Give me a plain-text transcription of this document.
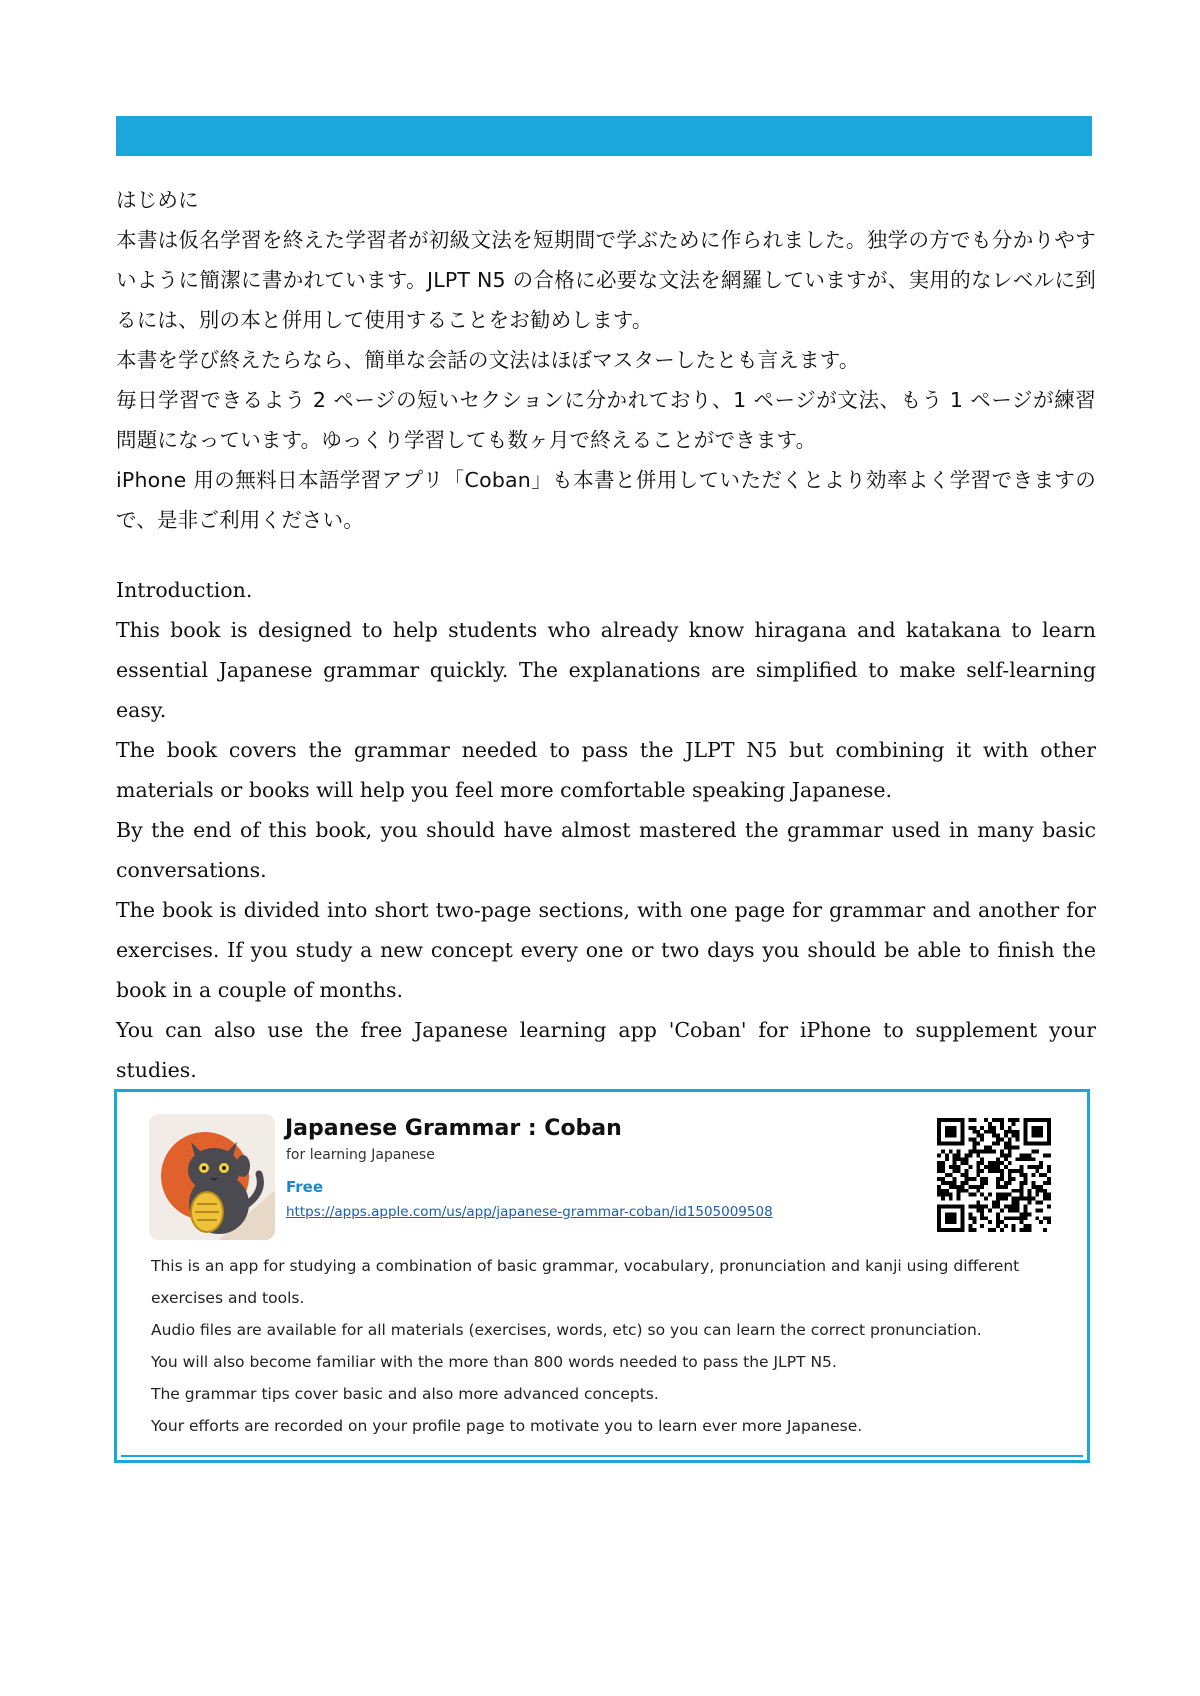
はじめに

本書は仮名学習を終えた学習者が初級文法を短期間で学ぶために作られました。独学の方でも分かりやすいように簡潔に書かれています。JLPT N5 の合格に必要な文法を網羅していますが、実用的なレベルに到るには、別の本と併用して使用することをお勧めします。

本書を学び終えたらなら、簡単な会話の文法はほぼマスターしたとも言えます。

毎日学習できるよう 2 ページの短いセクションに分かれており、1 ページが文法、もう 1 ページが練習問題になっています。ゆっくり学習しても数ヶ月で終えることができます。

iPhone 用の無料日本語学習アプリ「Coban」も本書と併用していただくとより効率よく学習できますので、是非ご利用ください。

Introduction.

This book is designed to help students who already know hiragana and katakana to learn essential Japanese grammar quickly. The explanations are simplified to make self-learning easy.

The book covers the grammar needed to pass the JLPT N5 but combining it with other materials or books will help you feel more comfortable speaking Japanese.

By the end of this book, you should have almost mastered the grammar used in many basic conversations.

The book is divided into short two-page sections, with one page for grammar and another for exercises. If you study a new concept every one or two days you should be able to finish the book in a couple of months.

You can also use the free Japanese learning app 'Coban' for iPhone to supplement your studies.

Japanese Grammar : Coban
for learning Japanese
Free
https://apps.apple.com/us/app/japanese-grammar-coban/id1505009508

This is an app for studying a combination of basic grammar, vocabulary, pronunciation and kanji using different exercises and tools.

Audio files are available for all materials (exercises, words, etc) so you can learn the correct pronunciation.

You will also become familiar with the more than 800 words needed to pass the JLPT N5.

The grammar tips cover basic and also more advanced concepts.

Your efforts are recorded on your profile page to motivate you to learn ever more Japanese.
